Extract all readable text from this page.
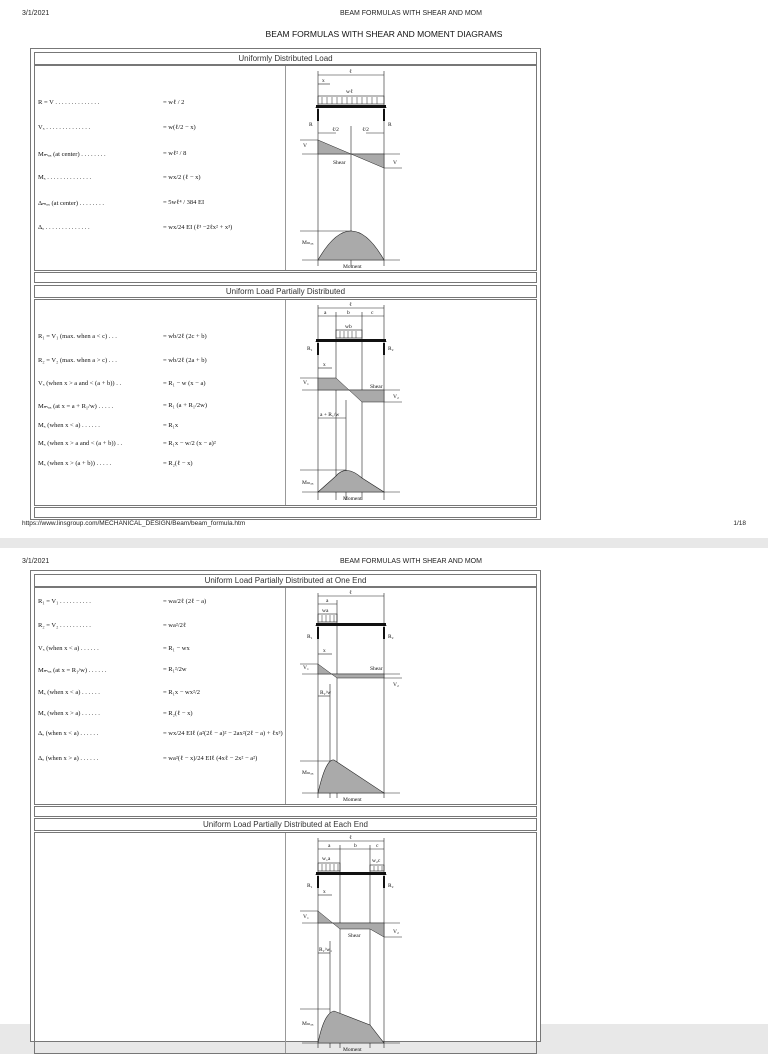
3/1/2021	BEAM FORMULAS WITH SHEAR AND MOM
BEAM FORMULAS WITH SHEAR AND MOMENT DIAGRAMS
Uniformly Distributed Load
R = V . . . . . . . . . . . . . .	= wℓ / 2
Vₓ . . . . . . . . . . . . . .	= w(ℓ/2 − x)
Mₘₐₓ (at center) . . . . . . . .	= wℓ² / 8
Mₓ . . . . . . . . . . . . . .	= wx/2 (ℓ − x)
Δₘₐₓ (at center) . . . . . . . .	= 5wℓ⁴ / 384 EI
Δₓ . . . . . . . . . . . . . .	= wx/24 EI (ℓ³ −2ℓx² + x³)
ℓ
x
wℓ
ℓ/2	ℓ/2
R	R
V
V
Shear
Mₘₐₓ
Moment
Uniform Load Partially Distributed
R₁ = V₁ (max. when a < c) . . .	= wb/2ℓ (2c + b)
R₂ = V₂ (max. when a > c) . . .	= wb/2ℓ (2a + b)
Vₓ (when x > a and < (a + b)) . .	= R₁ − w (x − a)
Mₘₐₓ (at x = a + R₁/w) . . . . .	= R₁ (a + R₁/2w)
Mₓ (when x < a) . . . . . .	= R₁x
Mₓ (when x > a and < (a + b)) . .	= R₁x − w/2 (x − a)²
Mₓ (when x > (a + b)) . . . . .	= R₂(ℓ − x)
ℓ
a	b	c
x
wb
R₁	R₂
V₁
V₂
Shear
a + R₁/w
Mₘₐₓ
Moment
https://www.linsgroup.com/MECHANICAL_DESIGN/Beam/beam_formula.htm	1/18
3/1/2021	BEAM FORMULAS WITH SHEAR AND MOM
Uniform Load Partially Distributed at One End
R₁ = V₁ . . . . . . . . . .	= wa/2ℓ (2ℓ − a)
R₂ = V₂ . . . . . . . . . .	= wa²/2ℓ
Vₓ (when x < a) . . . . . .	= R₁ − wx
Mₘₐₓ (at x = R₁/w) . . . . . .	= R₁²/2w
Mₓ (when x < a) . . . . . .	= R₁x − wx²/2
Mₓ (when x > a) . . . . . .	= R₂(ℓ − x)
Δₓ (when x < a) . . . . . .	= wx/24 EIℓ (a²(2ℓ − a)² − 2ax²(2ℓ − a) + ℓx³)
Δₓ (when x > a) . . . . . .	= wa²(ℓ − x)/24 EIℓ (4xℓ − 2x² − a²)
ℓ
a
x
wa
R₁	R₂
V₁
V₂
Shear
R₁/w
Mₘₐₓ
Moment
Uniform Load Partially Distributed at Each End
ℓ
a	b	c
x
w₁a	w₂c
R₁	R₂
V₁
V₂
Shear
R₁/w₁
Mₘₐₓ
Moment
